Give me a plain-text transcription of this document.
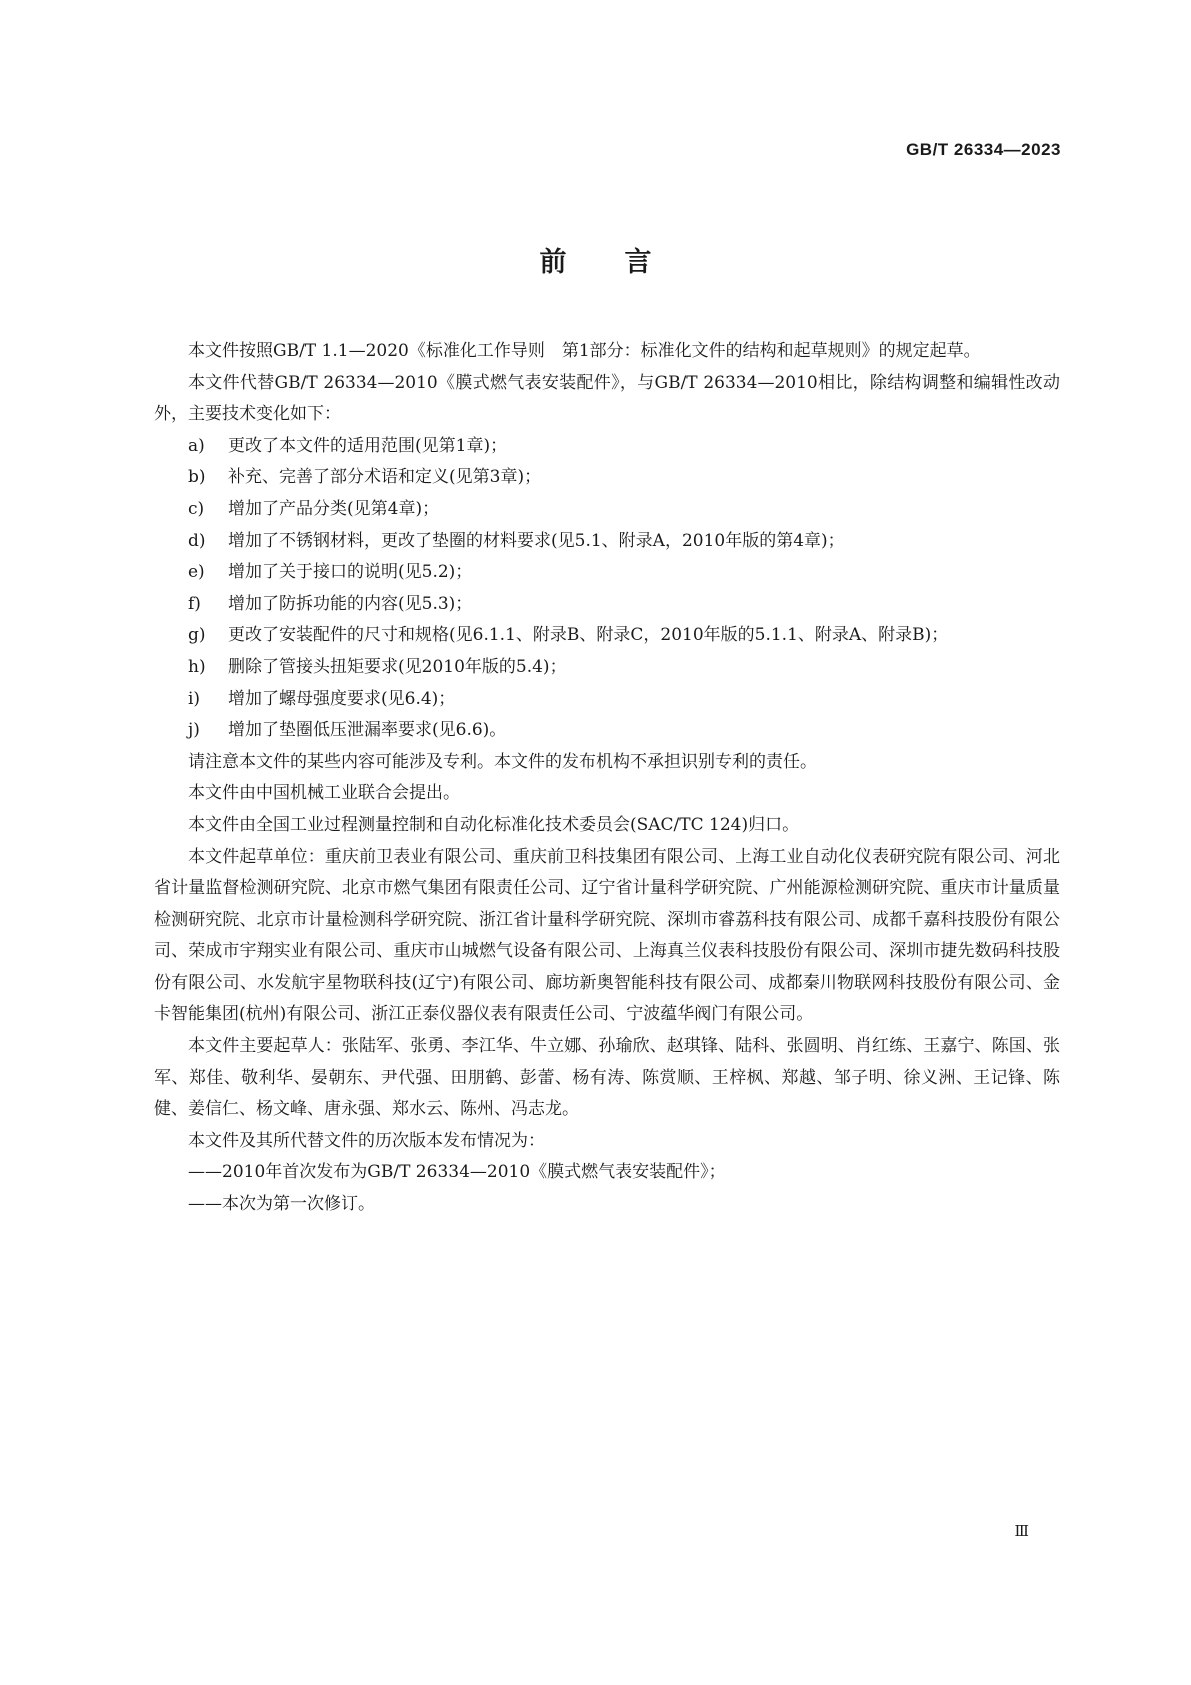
GB/T 26334—2023
前言

本文件按照GB/T 1.1—2020《标准化工作导则　第1部分：标准化文件的结构和起草规则》的规定起草。

本文件代替GB/T 26334—2010《膜式燃气表安装配件》，与GB/T 26334—2010相比，除结构调整和编辑性改动外，主要技术变化如下：

a) 更改了本文件的适用范围(见第1章)；
b) 补充、完善了部分术语和定义(见第3章)；
c) 增加了产品分类(见第4章)；
d) 增加了不锈钢材料，更改了垫圈的材料要求(见5.1、附录A，2010年版的第4章)；
e) 增加了关于接口的说明(见5.2)；
f) 增加了防拆功能的内容(见5.3)；
g) 更改了安装配件的尺寸和规格(见6.1.1、附录B、附录C，2010年版的5.1.1、附录A、附录B)；
h) 删除了管接头扭矩要求(见2010年版的5.4)；
i) 增加了螺母强度要求(见6.4)；
j) 增加了垫圈低压泄漏率要求(见6.6)。

请注意本文件的某些内容可能涉及专利。本文件的发布机构不承担识别专利的责任。

本文件由中国机械工业联合会提出。

本文件由全国工业过程测量控制和自动化标准化技术委员会(SAC/TC 124)归口。

本文件起草单位：重庆前卫表业有限公司、重庆前卫科技集团有限公司、上海工业自动化仪表研究院有限公司、河北省计量监督检测研究院、北京市燃气集团有限责任公司、辽宁省计量科学研究院、广州能源检测研究院、重庆市计量质量检测研究院、北京市计量检测科学研究院、浙江省计量科学研究院、深圳市睿荔科技有限公司、成都千嘉科技股份有限公司、荣成市宇翔实业有限公司、重庆市山城燃气设备有限公司、上海真兰仪表科技股份有限公司、深圳市捷先数码科技股份有限公司、水发航宇星物联科技(辽宁)有限公司、廊坊新奥智能科技有限公司、成都秦川物联网科技股份有限公司、金卡智能集团(杭州)有限公司、浙江正泰仪器仪表有限责任公司、宁波蕴华阀门有限公司。

本文件主要起草人：张陆军、张勇、李江华、牛立娜、孙瑜欣、赵琪锋、陆科、张圆明、肖红练、王嘉宁、陈国、张军、郑佳、敬利华、晏朝东、尹代强、田朋鹤、彭蕾、杨有涛、陈赏顺、王梓枫、郑越、邹子明、徐义洲、王记锋、陈健、姜信仁、杨文峰、唐永强、郑水云、陈州、冯志龙。

本文件及其所代替文件的历次版本发布情况为：

——2010年首次发布为GB/T 26334—2010《膜式燃气表安装配件》；

——本次为第一次修订。

Ⅲ
